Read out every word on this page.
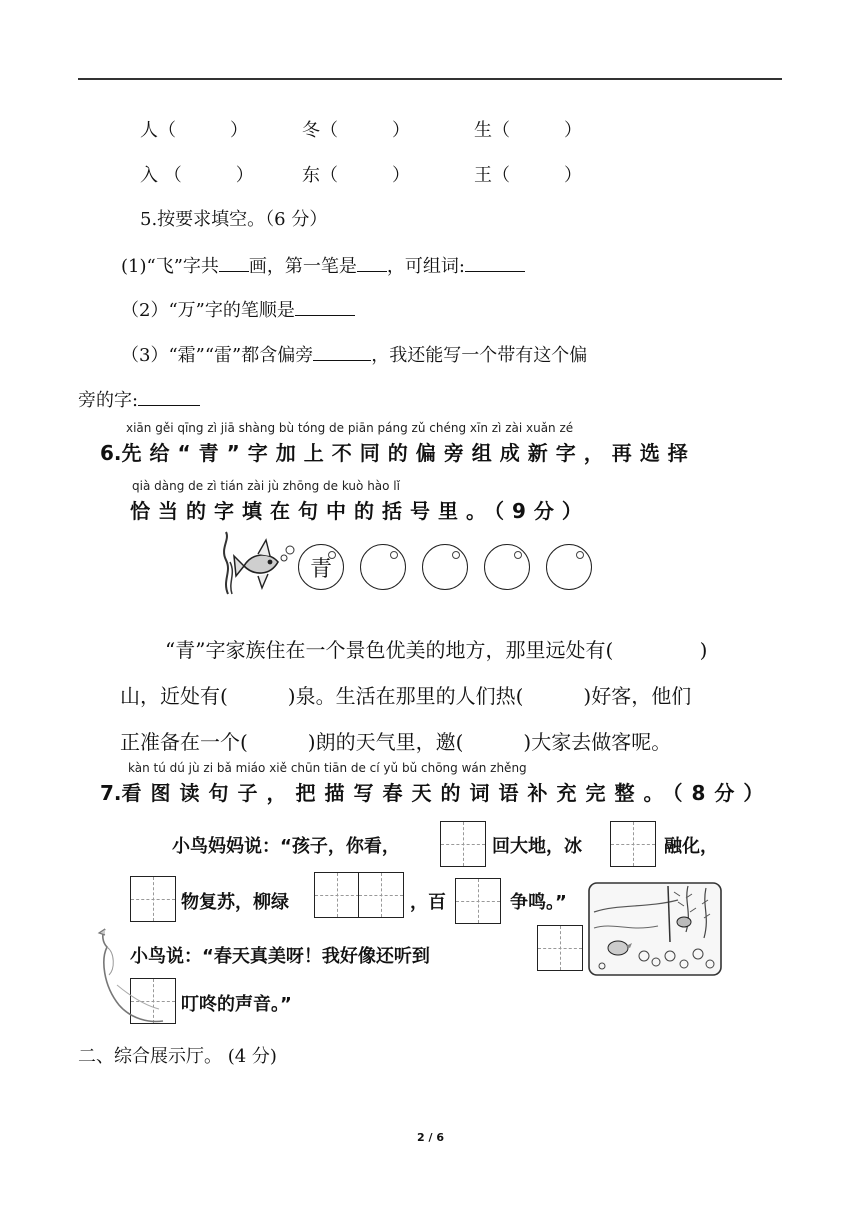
人（　　　）	冬（　　　）	生（　　　）
入 （　　　）	东（　　　）	王（　　　）
5.按要求填空。（6 分）
(1)“飞”字共 画，第一笔是 ，可组词:
（2）“万”字的笔顺是
（3）“霜”“雷”都含偏旁	，我还能写一个带有这个偏
旁的字:
xiān gěi qīng zì jiā shàng bù tóng de piān páng zǔ chéng xīn zì zài xuǎn zé
6.先给“青”字加上不同的偏旁组成新字，再选择
qià dàng de zì tián zài jù zhōng de kuò hào lǐ
恰当的字填在句中的括号里。（9分）
青
“青”字家族住在一个景色优美的地方，那里远处有(　　　　 )
山，近处有(　　　)泉。生活在那里的人们热(　　　)好客，他们
正准备在一个(　　　)朗的天气里，邀(　　　)大家去做客呢。
kàn tú dú jù zi bǎ miáo xiě chūn tiān de cí yǔ bǔ chōng wán zhěng
7.看图读句子，把描写春天的词语补充完整。（8分）
小鸟妈妈说：“孩子，你看，	回大地，冰	融化，
物复苏，柳绿	，百	争鸣。”
小鸟说：“春天真美呀！我好像还听到
叮咚的声音。”
二、综合展示厅。 (4 分)
2 / 6
